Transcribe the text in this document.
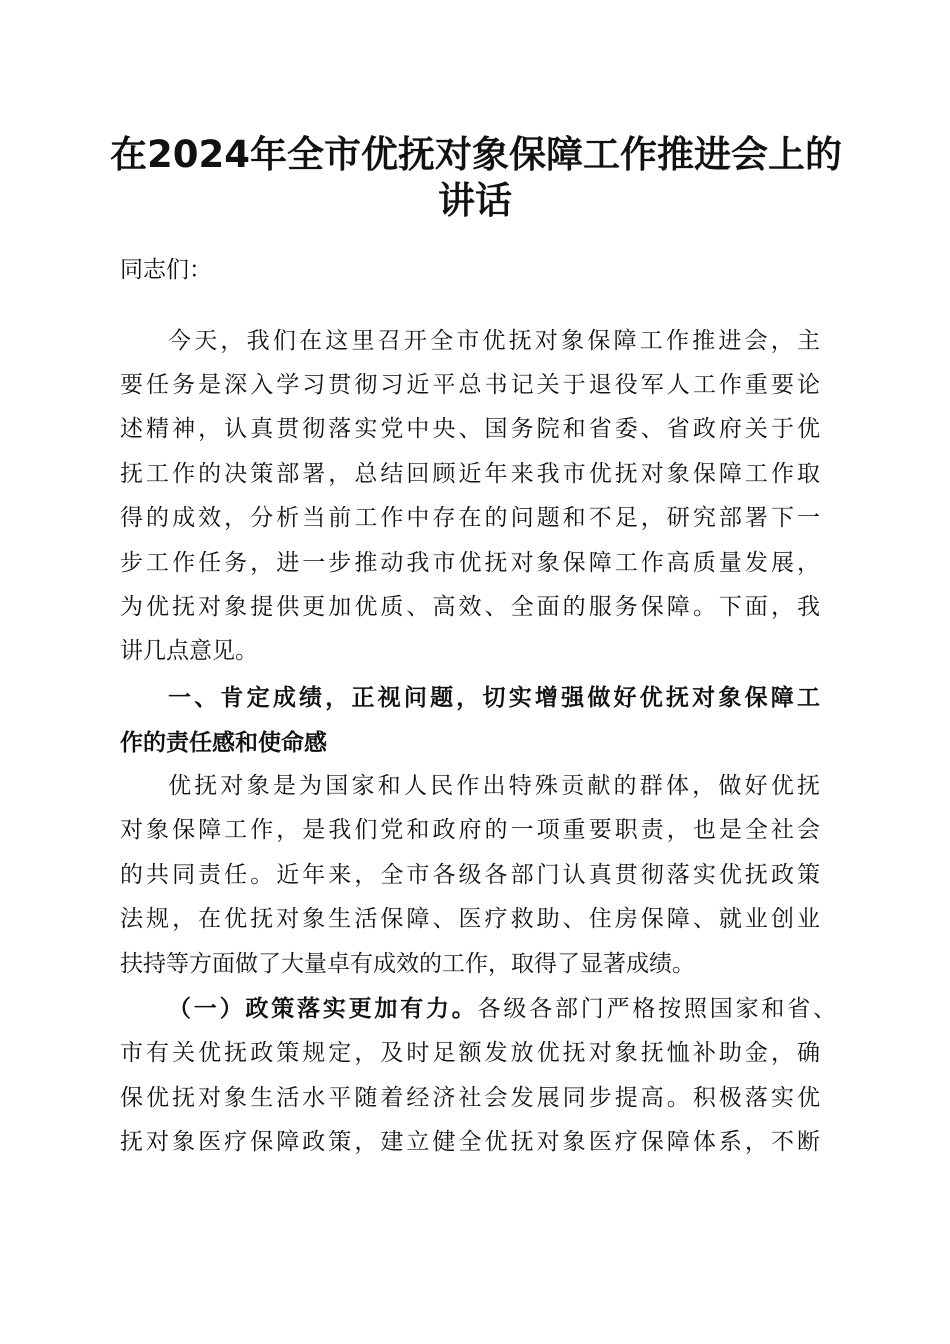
在2024年全市优抚对象保障工作推进会上的
讲话

同志们：

今天，我们在这里召开全市优抚对象保障工作推进会，主

要任务是深入学习贯彻习近平总书记关于退役军人工作重要论

述精神，认真贯彻落实党中央、国务院和省委、省政府关于优

抚工作的决策部署，总结回顾近年来我市优抚对象保障工作取

得的成效，分析当前工作中存在的问题和不足，研究部署下一

步工作任务，进一步推动我市优抚对象保障工作高质量发展，

为优抚对象提供更加优质、高效、全面的服务保障。下面，我

讲几点意见。

一、肯定成绩，正视问题，切实增强做好优抚对象保障工

作的责任感和使命感

优抚对象是为国家和人民作出特殊贡献的群体，做好优抚

对象保障工作，是我们党和政府的一项重要职责，也是全社会

的共同责任。近年来，全市各级各部门认真贯彻落实优抚政策

法规，在优抚对象生活保障、医疗救助、住房保障、就业创业

扶持等方面做了大量卓有成效的工作，取得了显著成绩。

（一）政策落实更加有力。各级各部门严格按照国家和省、

市有关优抚政策规定，及时足额发放优抚对象抚恤补助金，确

保优抚对象生活水平随着经济社会发展同步提高。积极落实优

抚对象医疗保障政策，建立健全优抚对象医疗保障体系，不断
